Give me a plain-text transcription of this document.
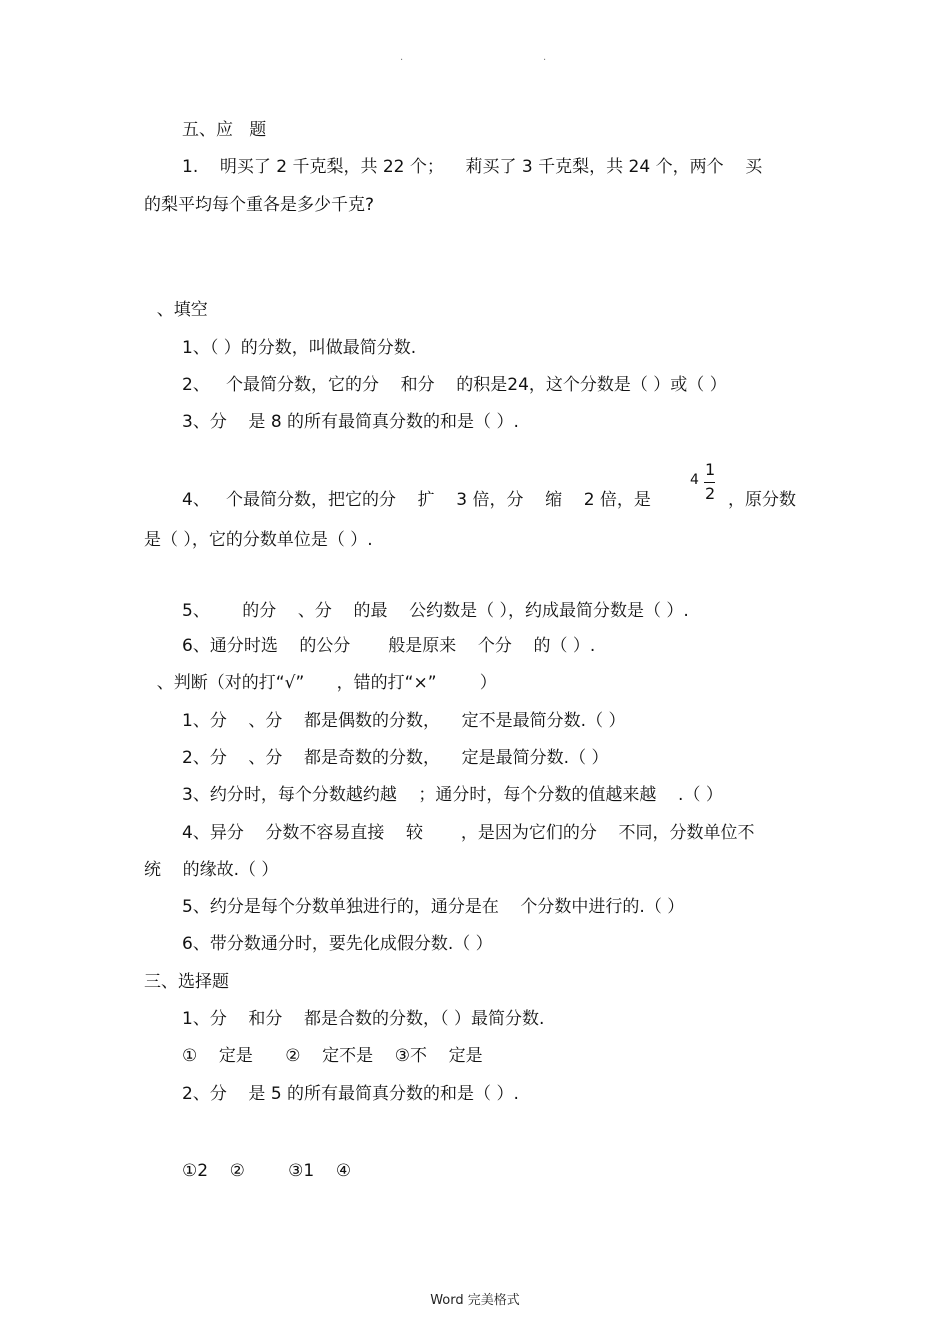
.	.
五、应   题
1.    明买了 2 千克梨，共 22 个；    莉买了 3 千克梨，共 24 个，两个    买
的梨平均每个重各是多少千克?
、填空
1、（ ）的分数，叫做最简分数.
2、   个最简分数，它的分    和分    的积是24，这个分数是（ ）或（ ）
3、分    是 8 的所有最简真分数的和是（ ）.
4、   个最简分数，把它的分    扩    3 倍，分    缩    2 倍，是
4
1
2 ，原分数
是（ ），它的分数单位是（ ）.
5、      的分    、分    的最    公约数是（ ），约成最简分数是（ ）.
6、通分时选    的公分       般是原来    个分    的（ ）.
、判断（对的打“√”      ，错的打“×”        ）
1、分    、分    都是偶数的分数，    定不是最简分数.（ ）
2、分    、分    都是奇数的分数，    定是最简分数.（ ）
3、约分时，每个分数越约越    ；通分时，每个分数的值越来越    .（ ）
4、异分    分数不容易直接    较       ，是因为它们的分    不同，分数单位不
统    的缘故.（ ）
5、约分是每个分数单独进行的，通分是在    个分数中进行的.（ ）
6、带分数通分时，要先化成假分数.（ ）
三、选择题
1、分    和分    都是合数的分数，（ ）最简分数.
①    定是      ②    定不是    ③不    定是
2、分    是 5 的所有最简真分数的和是（ ）.
①2    ②        ③1    ④
Word 完美格式
